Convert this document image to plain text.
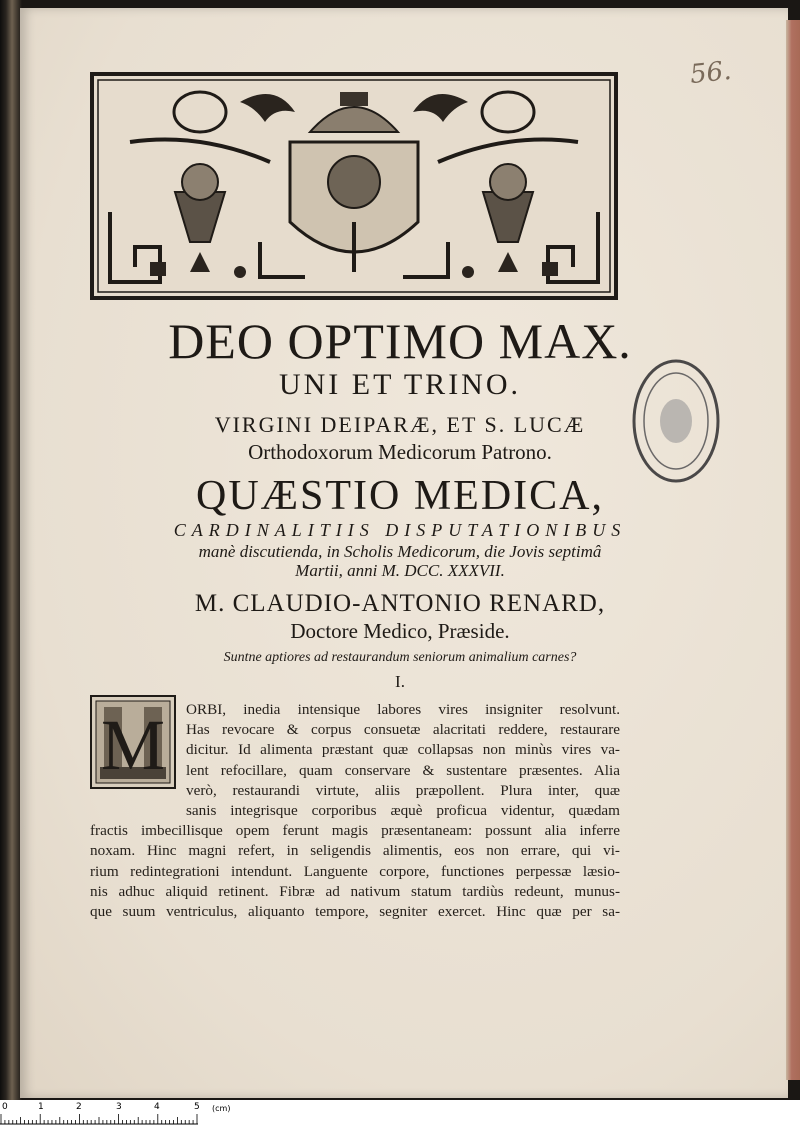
56.
DEO OPTIMO MAX.
UNI ET TRINO.
VIRGINI DEIPARÆ, ET S. LUCÆ
Orthodoxorum Medicorum Patrono.
QUÆSTIO MEDICA,
CARDINALITIIS DISPUTATIONIBUS
manè discutienda, in Scholis Medicorum, die Jovis septimâ
Martii, anni M. DCC. XXXVII.
M. CLAUDIO-ANTONIO RENARD,
Doctore Medico, Præside.
Suntne aptiores ad restaurandum seniorum animalium carnes?
I.
M ORBI, inedia intensique labores vires insigniter resolvunt.
Has revocare & corpus consuetæ alacritati reddere, restaurare
dicitur. Id alimenta præstant quæ collapsas non minùs vires va-
lent refocillare, quam conservare & sustentare præsentes. Alia
verò, restaurandi virtute, aliis præpollent. Plura inter, quæ
sanis integrisque corporibus æquè proficua videntur, quædam
fractis imbecillisque opem ferunt magis præsentaneam: possunt alia inferre
noxam. Hinc magni refert, in seligendis alimentis, eos non errare, qui vi-
rium redintegrationi intendunt. Languente corpore, functiones perpessæ læsio-
nis adhuc aliquid retinent. Fibræ ad nativum statum tardiùs redeunt, munus-
que suum ventriculus, aliquanto tempore, segniter exercet. Hinc quæ per sa-
0	1	2	3	4	5 (cm)
